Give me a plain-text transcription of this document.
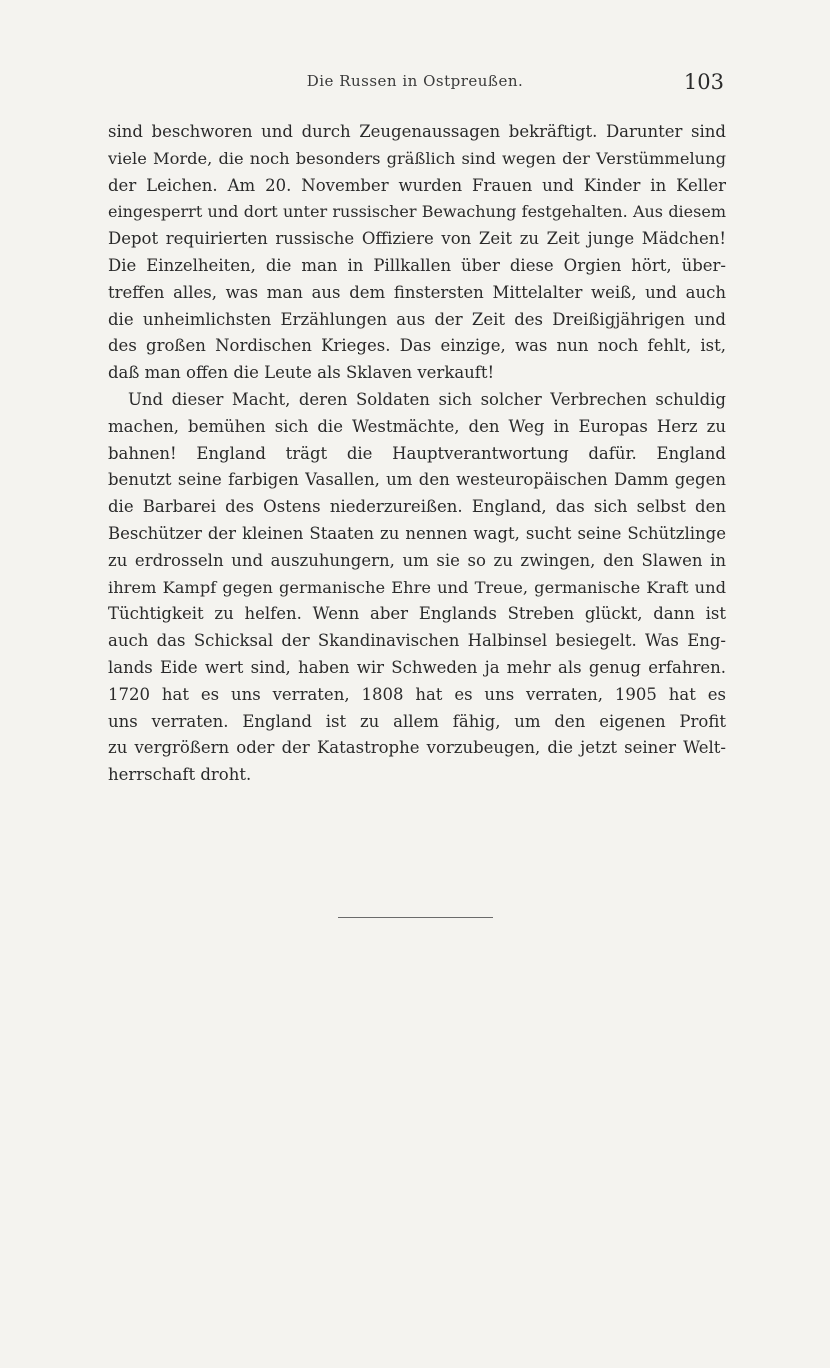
Die Russen in Ostpreußen.	103
sind beschworen und durch Zeugenaussagen bekräftigt. Darunter sind
viele Morde, die noch besonders gräßlich sind wegen der Verstümmelung
der Leichen. Am 20. November wurden Frauen und Kinder in Keller
eingesperrt und dort unter russischer Bewachung festgehalten. Aus diesem
Depot requirierten russische Offiziere von Zeit zu Zeit junge Mädchen!
Die Einzelheiten, die man in Pillkallen über diese Orgien hört, über-
treffen alles, was man aus dem finstersten Mittelalter weiß, und auch
die unheimlichsten Erzählungen aus der Zeit des Dreißigjährigen und
des großen Nordischen Krieges. Das einzige, was nun noch fehlt, ist,
daß man offen die Leute als Sklaven verkauft!
Und dieser Macht, deren Soldaten sich solcher Verbrechen schuldig
machen, bemühen sich die Westmächte, den Weg in Europas Herz zu
bahnen! England trägt die Hauptverantwortung dafür. England
benutzt seine farbigen Vasallen, um den westeuropäischen Damm gegen
die Barbarei des Ostens niederzureißen. England, das sich selbst den
Beschützer der kleinen Staaten zu nennen wagt, sucht seine Schützlinge
zu erdrosseln und auszuhungern, um sie so zu zwingen, den Slawen in
ihrem Kampf gegen germanische Ehre und Treue, germanische Kraft und
Tüchtigkeit zu helfen. Wenn aber Englands Streben glückt, dann ist
auch das Schicksal der Skandinavischen Halbinsel besiegelt. Was Eng-
lands Eide wert sind, haben wir Schweden ja mehr als genug erfahren.
1720 hat es uns verraten, 1808 hat es uns verraten, 1905 hat es
uns verraten. England ist zu allem fähig, um den eigenen Profit
zu vergrößern oder der Katastrophe vorzubeugen, die jetzt seiner Welt-
herrschaft droht.
